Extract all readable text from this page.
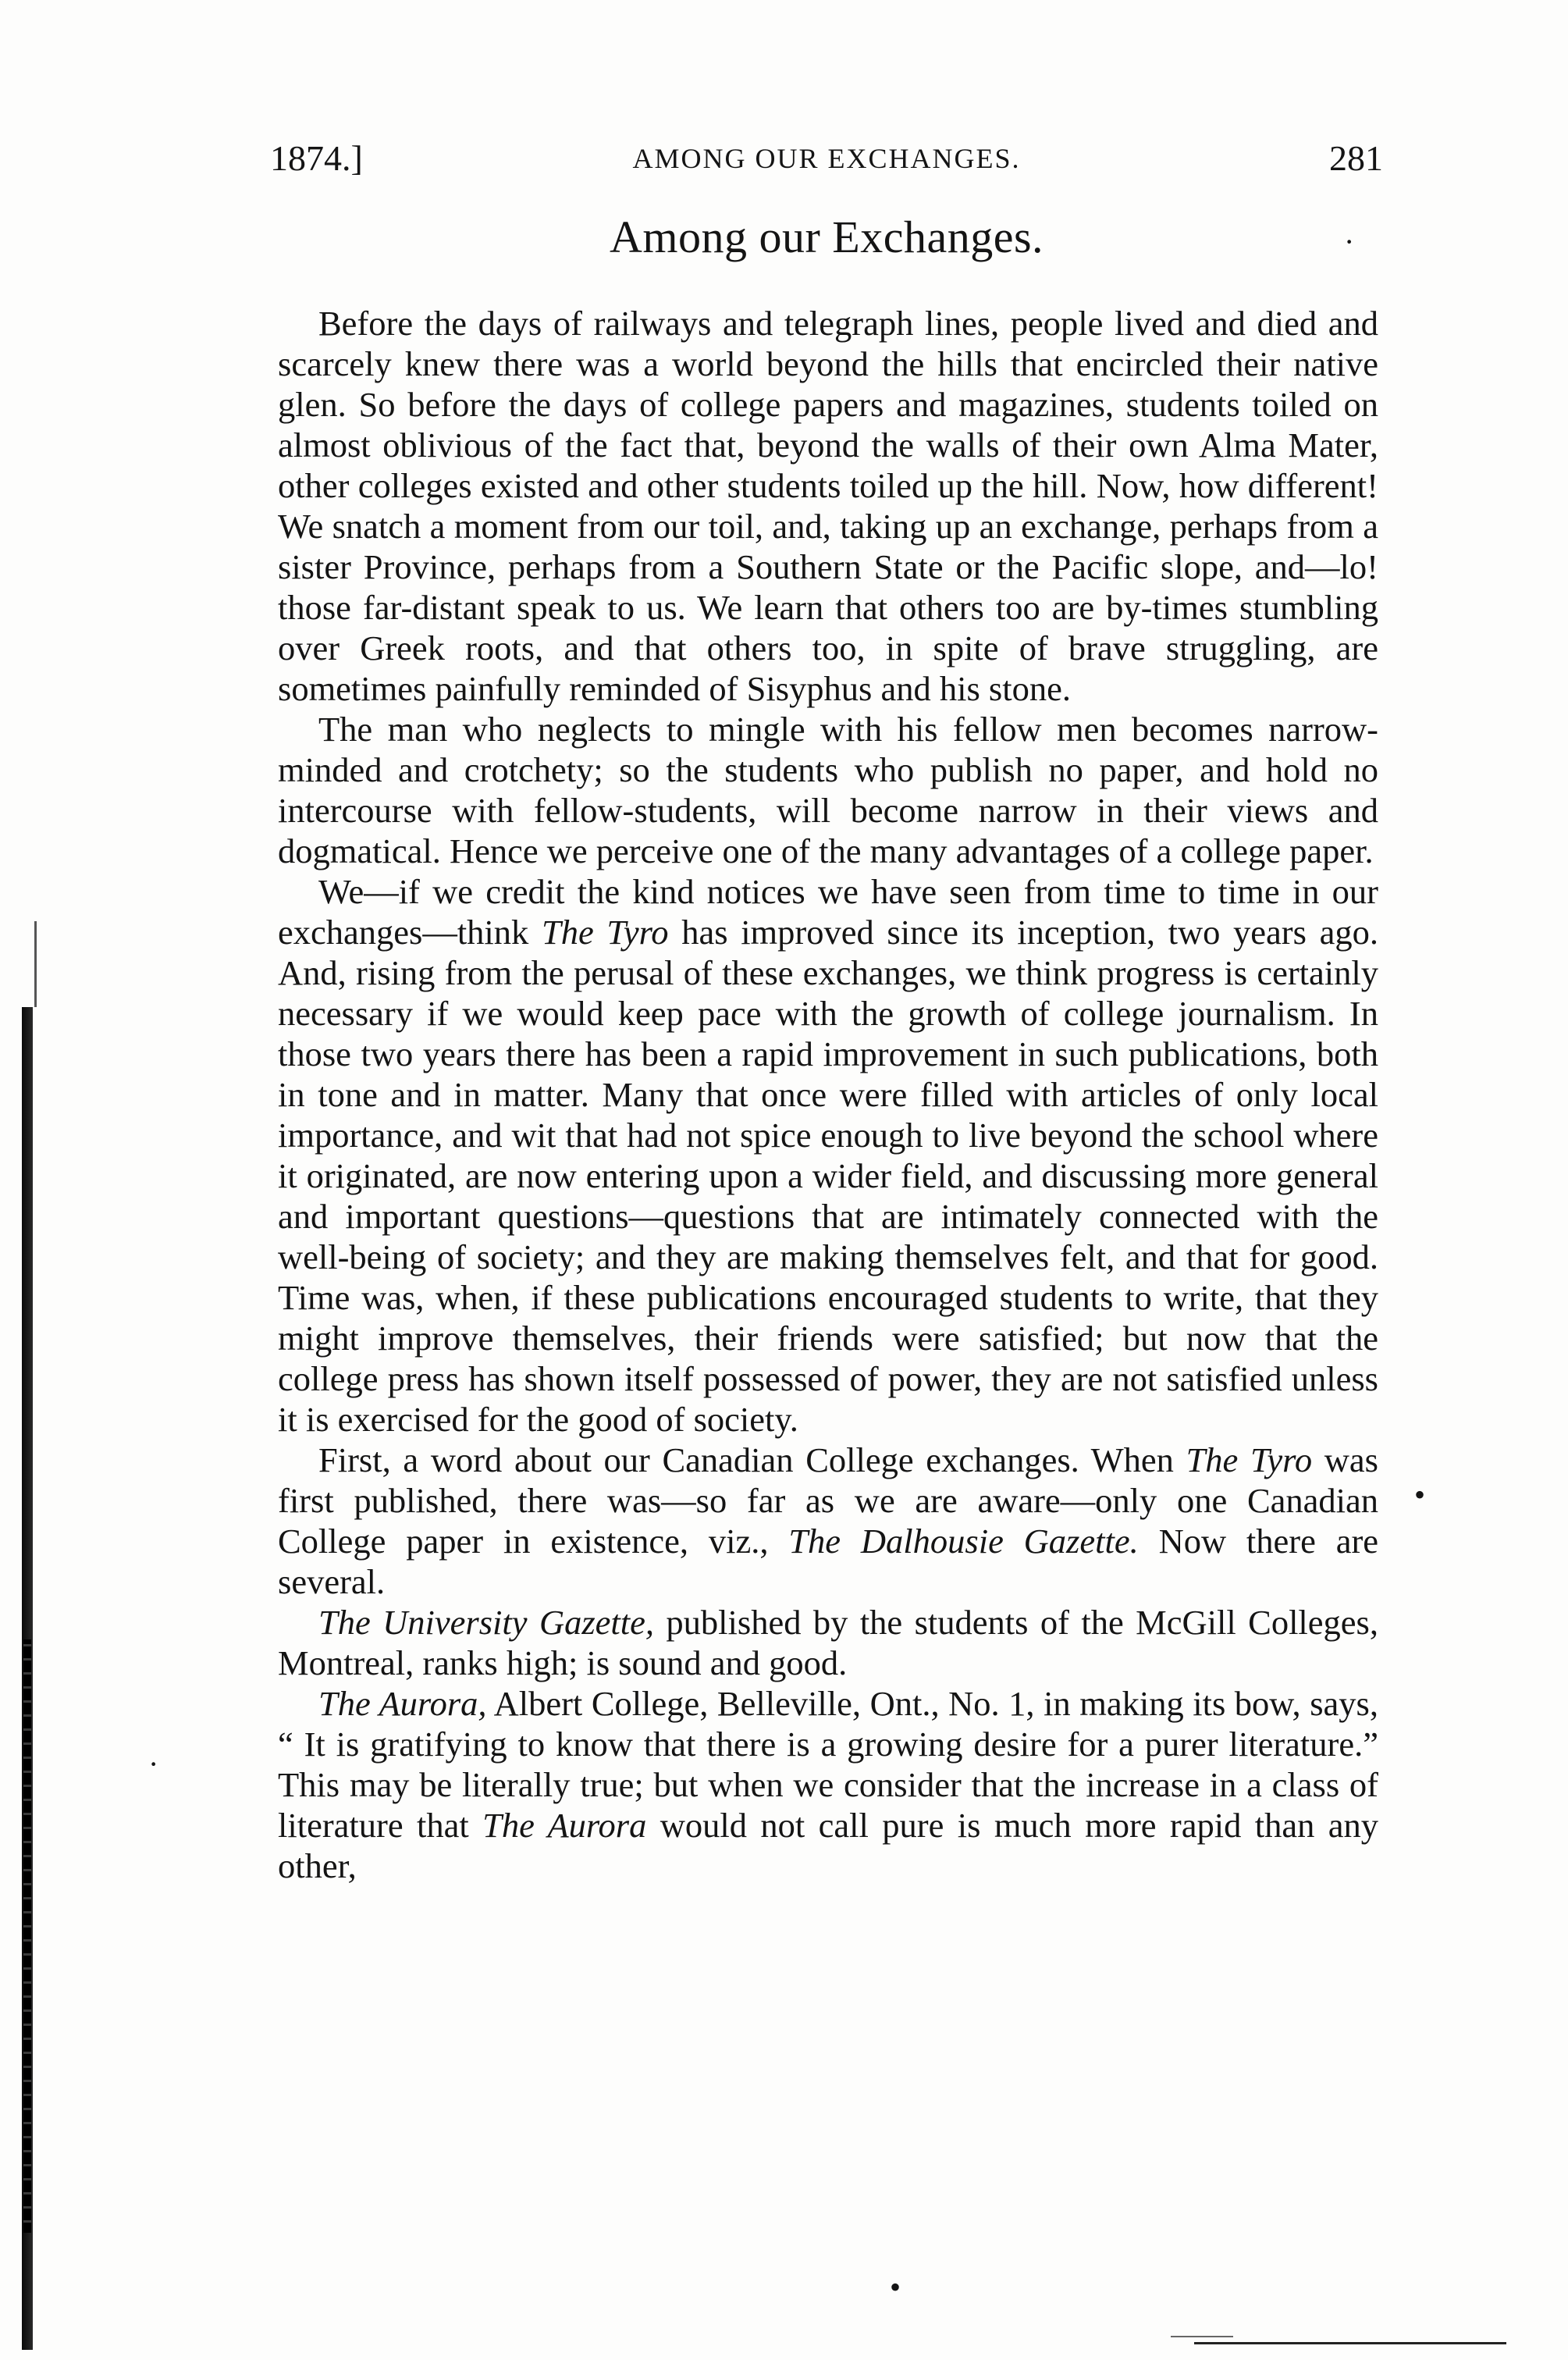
1874.]	AMONG OUR EXCHANGES.	281
Among our Exchanges.	·
•
·
•

Before the days of railways and telegraph lines, people lived and died and scarcely knew there was a world beyond the hills that encircled their native glen. So before the days of college papers and magazines, students toiled on almost oblivious of the fact that, beyond the walls of their own Alma Mater, other colleges existed and other students toiled up the hill. Now, how different! We snatch a moment from our toil, and, taking up an exchange, perhaps from a sister Province, perhaps from a Southern State or the Pacific slope, and—lo! those far-distant speak to us. We learn that others too are by-times stumbling over Greek roots, and that others too, in spite of brave struggling, are sometimes painfully reminded of Sisyphus and his stone.

The man who neglects to mingle with his fellow men becomes narrow-minded and crotchety; so the students who publish no paper, and hold no intercourse with fellow-students, will become narrow in their views and dogmatical. Hence we perceive one of the many advantages of a college paper.

We—if we credit the kind notices we have seen from time to time in our exchanges—think The Tyro has improved since its inception, two years ago. And, rising from the perusal of these exchanges, we think progress is certainly necessary if we would keep pace with the growth of college journalism. In those two years there has been a rapid improvement in such publications, both in tone and in matter. Many that once were filled with articles of only local importance, and wit that had not spice enough to live beyond the school where it originated, are now entering upon a wider field, and discussing more general and important questions—questions that are intimately connected with the well-being of society; and they are making themselves felt, and that for good. Time was, when, if these publications encouraged students to write, that they might improve themselves, their friends were satisfied; but now that the college press has shown itself possessed of power, they are not satisfied unless it is exercised for the good of society.

First, a word about our Canadian College exchanges. When The Tyro was first published, there was—so far as we are aware—only one Canadian College paper in existence, viz., The Dalhousie Gazette. Now there are several.

The University Gazette, published by the students of the McGill Colleges, Montreal, ranks high; is sound and good.

The Aurora, Albert College, Belleville, Ont., No. 1, in making its bow, says, “ It is gratifying to know that there is a growing desire for a purer literature.” This may be literally true; but when we consider that the increase in a class of literature that The Aurora would not call pure is much more rapid than any other,
